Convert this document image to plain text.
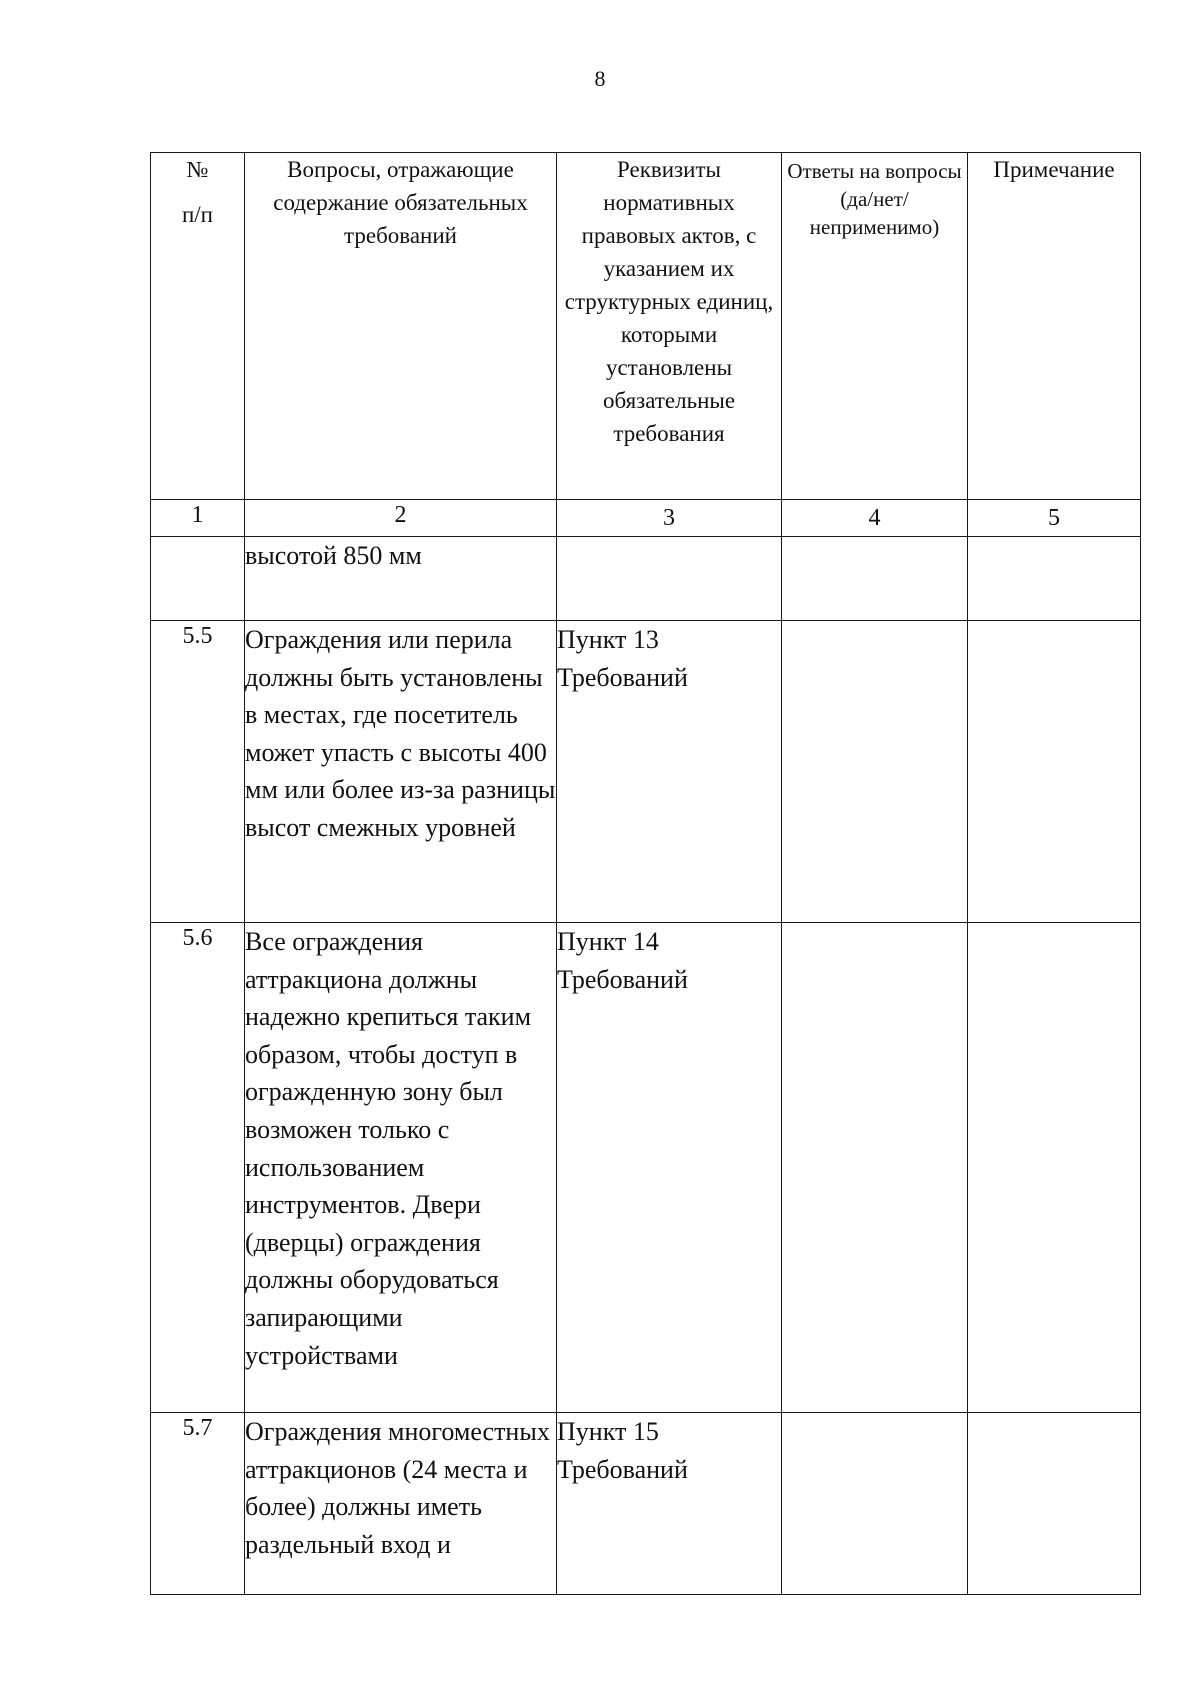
8
№
п/п	Вопросы, отражающие содержание обязательных требований	Реквизиты нормативных правовых актов, с указанием их структурных единиц, которыми установлены обязательные требования	Ответы на вопросы (да/нет/ неприменимо)	Примечание
1	2	3	4	5
	высотой 850 мм			
5.5	Ограждения или перила должны быть установлены в местах, где посетитель может упасть с высоты 400 мм или более из-за разницы высот смежных уровней	Пункт 13 Требований		
5.6	Все ограждения аттракциона должны надежно крепиться таким образом, чтобы доступ в огражденную зону был возможен только с использованием инструментов. Двери (дверцы) ограждения должны оборудоваться запирающими устройствами	Пункт 14 Требований		
5.7	Ограждения многоместных аттракционов (24 места и более) должны иметь раздельный вход и	Пункт 15 Требований		
